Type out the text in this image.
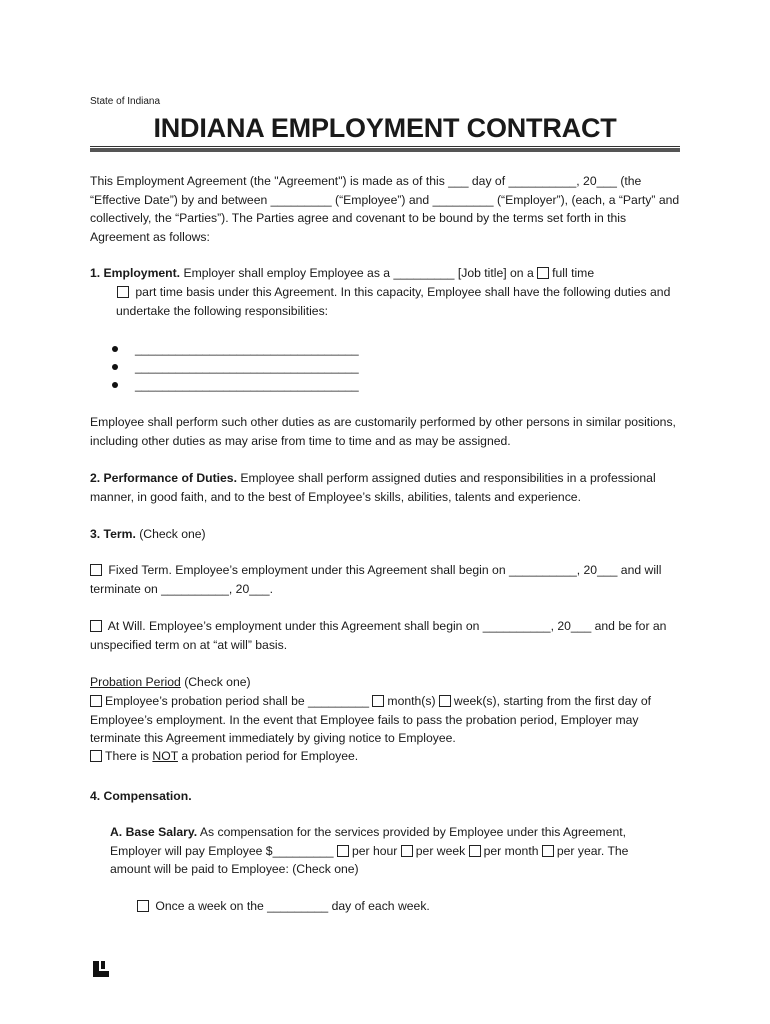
State of Indiana
INDIANA EMPLOYMENT CONTRACT

This Employment Agreement (the "Agreement") is made as of this ___ day of __________, 20___ (the “Effective Date”) by and between _________ (“Employee”) and _________ (“Employer”), (each, a “Party” and collectively, the “Parties”). The Parties agree and covenant to be bound by the terms set forth in this Agreement as follows:

1. Employment. Employer shall employ Employee as a _________ [Job title] on a full time

part time basis under this Agreement. In this capacity, Employee shall have the following duties and undertake the following responsibilities:

_________________________________
_________________________________
_________________________________

Employee shall perform such other duties as are customarily performed by other persons in similar positions, including other duties as may arise from time to time and as may be assigned.

2. Performance of Duties. Employee shall perform assigned duties and responsibilities in a professional manner, in good faith, and to the best of Employee’s skills, abilities, talents and experience.

3. Term. (Check one)

Fixed Term. Employee’s employment under this Agreement shall begin on __________, 20___ and will terminate on __________, 20___.

At Will. Employee’s employment under this Agreement shall begin on __________, 20___ and be for an unspecified term on at “at will” basis.

Probation Period (Check one)

Employee’s probation period shall be _________ month(s) week(s), starting from the first day of Employee’s employment. In the event that Employee fails to pass the probation period, Employer may terminate this Agreement immediately by giving notice to Employee.

There is NOT a probation period for Employee.

4. Compensation.

A. Base Salary. As compensation for the services provided by Employee under this Agreement, Employer will pay Employee $_________ per hour per week per month per year. The amount will be paid to Employee: (Check one)

Once a week on the _________ day of each week.
